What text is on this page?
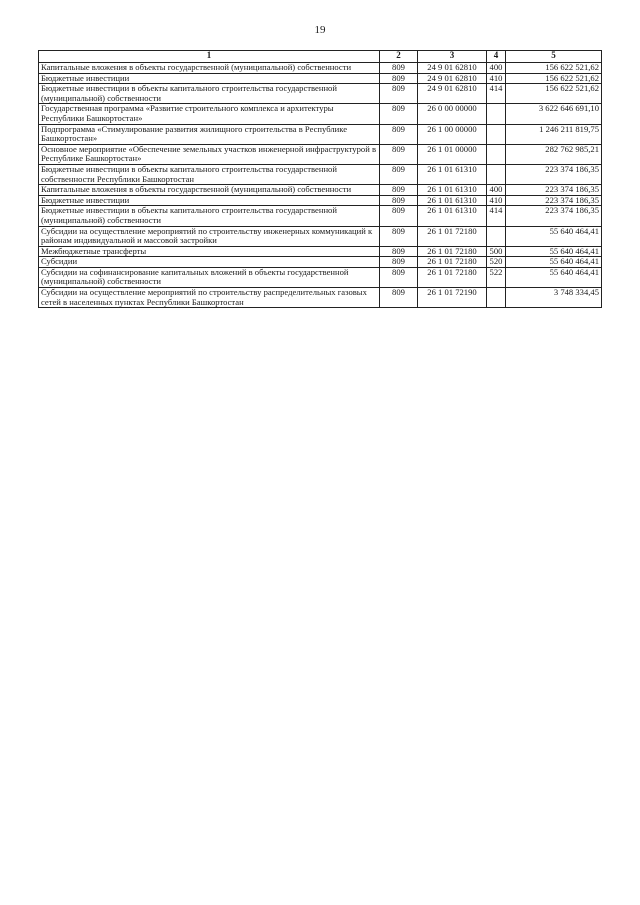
19
1	2	3	4	5
Капитальные вложения в объекты государственной (муниципальной) собственности	809	24 9 01 62810	400	156 622 521,62
Бюджетные инвестиции	809	24 9 01 62810	410	156 622 521,62
Бюджетные инвестиции в объекты капитального строительства государственной (муниципальной) собственности	809	24 9 01 62810	414	156 622 521,62
Государственная программа «Развитие строительного комплекса и архитектуры Республики Башкортостан»	809	26 0 00 00000		3 622 646 691,10
Подпрограмма «Стимулирование развития жилищного строительства в Республике Башкортостан»	809	26 1 00 00000		1 246 211 819,75
Основное мероприятие «Обеспечение земельных участков инженерной инфраструктурой в Республике Башкортостан»	809	26 1 01 00000		282 762 985,21
Бюджетные инвестиции в объекты капитального строительства государственной собственности Республики Башкортостан	809	26 1 01 61310		223 374 186,35
Капитальные вложения в объекты государственной (муниципальной) собственности	809	26 1 01 61310	400	223 374 186,35
Бюджетные инвестиции	809	26 1 01 61310	410	223 374 186,35
Бюджетные инвестиции в объекты капитального строительства государственной (муниципальной) собственности	809	26 1 01 61310	414	223 374 186,35
Субсидии на осуществление мероприятий по строительству инженерных коммуникаций к районам индивидуальной и массовой застройки	809	26 1 01 72180		55 640 464,41
Межбюджетные трансферты	809	26 1 01 72180	500	55 640 464,41
Субсидии	809	26 1 01 72180	520	55 640 464,41
Субсидии на софинансирование капитальных вложений в объекты государственной (муниципальной) собственности	809	26 1 01 72180	522	55 640 464,41
Субсидии на осуществление мероприятий по строительству распределительных газовых сетей в населенных пунктах Республики Башкортостан	809	26 1 01 72190		3 748 334,45
